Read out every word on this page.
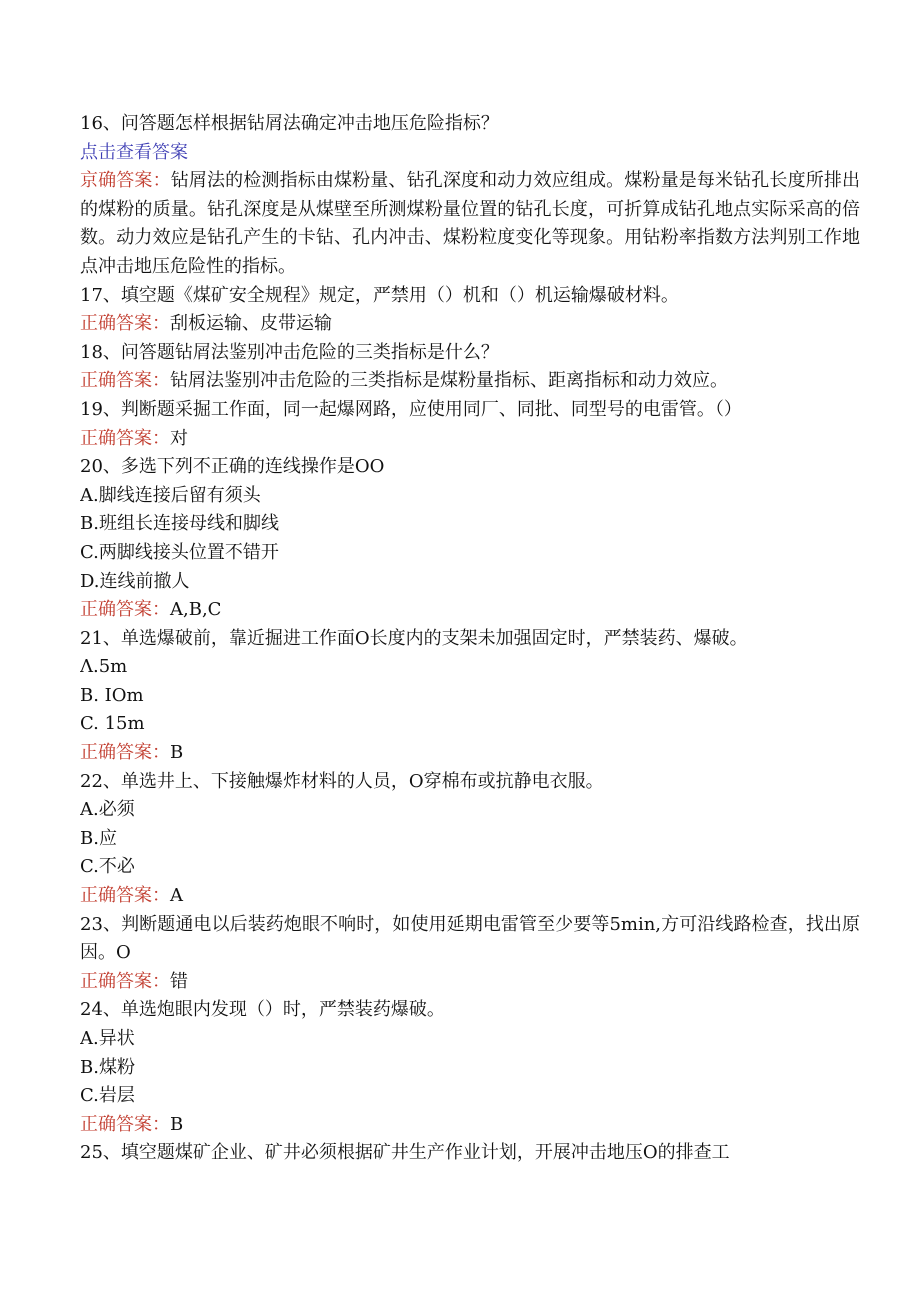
16、问答题怎样根据钻屑法确定冲击地压危险指标？
点击查看答案
京确答案：钻屑法的检测指标由煤粉量、钻孔深度和动力效应组成。煤粉量是每米钻孔长度所排出的煤粉的质量。钻孔深度是从煤壁至所测煤粉量位置的钻孔长度，可折算成钻孔地点实际采高的倍数。动力效应是钻孔产生的卡钻、孔内冲击、煤粉粒度变化等现象。用钻粉率指数方法判别工作地点冲击地压危险性的指标。
17、填空题《煤矿安全规程》规定，严禁用（）机和（）机运输爆破材料。
正确答案：刮板运输、皮带运输
18、问答题钻屑法鉴别冲击危险的三类指标是什么？
正确答案：钻屑法鉴别冲击危险的三类指标是煤粉量指标、距离指标和动力效应。
19、判断题采掘工作面，同一起爆网路，应使用同厂、同批、同型号的电雷管。（）
正确答案：对
20、多选下列不正确的连线操作是OO
A.脚线连接后留有须头
B.班组长连接母线和脚线
C.两脚线接头位置不错开
D.连线前撤人
正确答案：A,B,C
21、单选爆破前，靠近掘进工作面O长度内的支架未加强固定时，严禁装药、爆破。
Λ.5m
B. IOm
C. 15m
正确答案：B
22、单选井上、下接触爆炸材料的人员，O穿棉布或抗静电衣服。
A.必须
B.应
C.不必
正确答案：A
23、判断题通电以后装药炮眼不响时，如使用延期电雷管至少要等5min,方可沿线路检查，找出原因。O
正确答案：错
24、单选炮眼内发现（）时，严禁装药爆破。
A.异状
B.煤粉
C.岩层
正确答案：B
25、填空题煤矿企业、矿井必须根据矿井生产作业计划，开展冲击地压O的排查工
